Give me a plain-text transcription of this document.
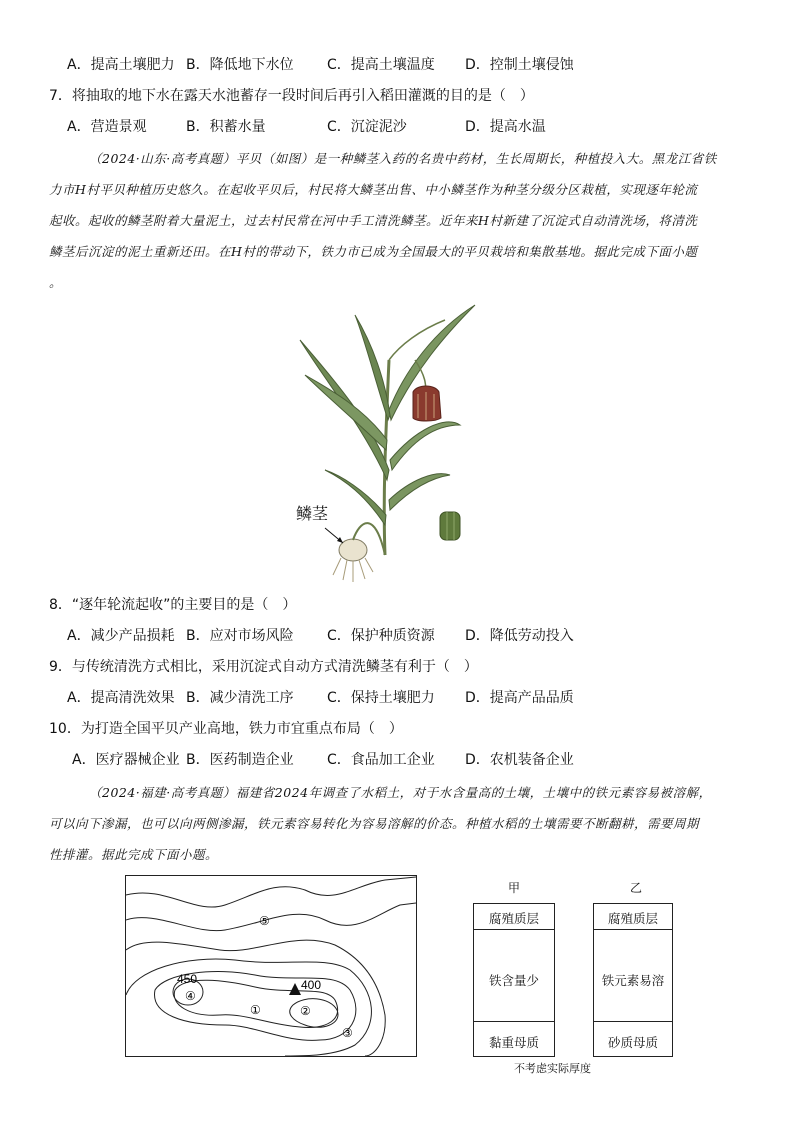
A．提高土壤肥力 B．降低地下水位 C．提高土壤温度 D．控制土壤侵蚀
7．将抽取的地下水在露天水池蓄存一段时间后再引入稻田灌溉的目的是（　）
A．营造景观	B．积蓄水量	C．沉淀泥沙	D．提高水温
（2024·山东·高考真题）平贝（如图）是一种鳞茎入药的名贵中药材，生长周期长，种植投入大。黑龙江省铁
力市H村平贝种植历史悠久。在起收平贝后，村民将大鳞茎出售、中小鳞茎作为种茎分级分区栽植，实现逐年轮流
起收。起收的鳞茎附着大量泥土，过去村民常在河中手工清洗鳞茎。近年来H村新建了沉淀式自动清洗场，将清洗
鳞茎后沉淀的泥土重新还田。在H村的带动下，铁力市已成为全国最大的平贝栽培和集散基地。据此完成下面小题
。
鳞茎
8．“逐年轮流起收”的主要目的是（　）
A．减少产品损耗 B．应对市场风险 C．保护种质资源 D．降低劳动投入
9．与传统清洗方式相比，采用沉淀式自动方式清洗鳞茎有利于（　）
A．提高清洗效果 B．减少清洗工序 C．保持土壤肥力 D．提高产品品质
10．为打造全国平贝产业高地，铁力市宜重点布局（　）
A．医疗器械企业 B．医药制造企业 C．食品加工企业 D．农机装备企业
（2024·福建·高考真题）福建省2024年调查了水稻土，对于水含量高的土壤，土壤中的铁元素容易被溶解，
可以向下渗漏，也可以向两侧渗漏，铁元素容易转化为容易溶解的价态。种植水稻的土壤需要不断翻耕，需要周期
性排灌。据此完成下面小题。
450	400
①	②
③
④
⑤
甲
腐殖质层
铁含量少
黏重母质
乙
腐殖质层
铁元素易溶
砂质母质
不考虑实际厚度
